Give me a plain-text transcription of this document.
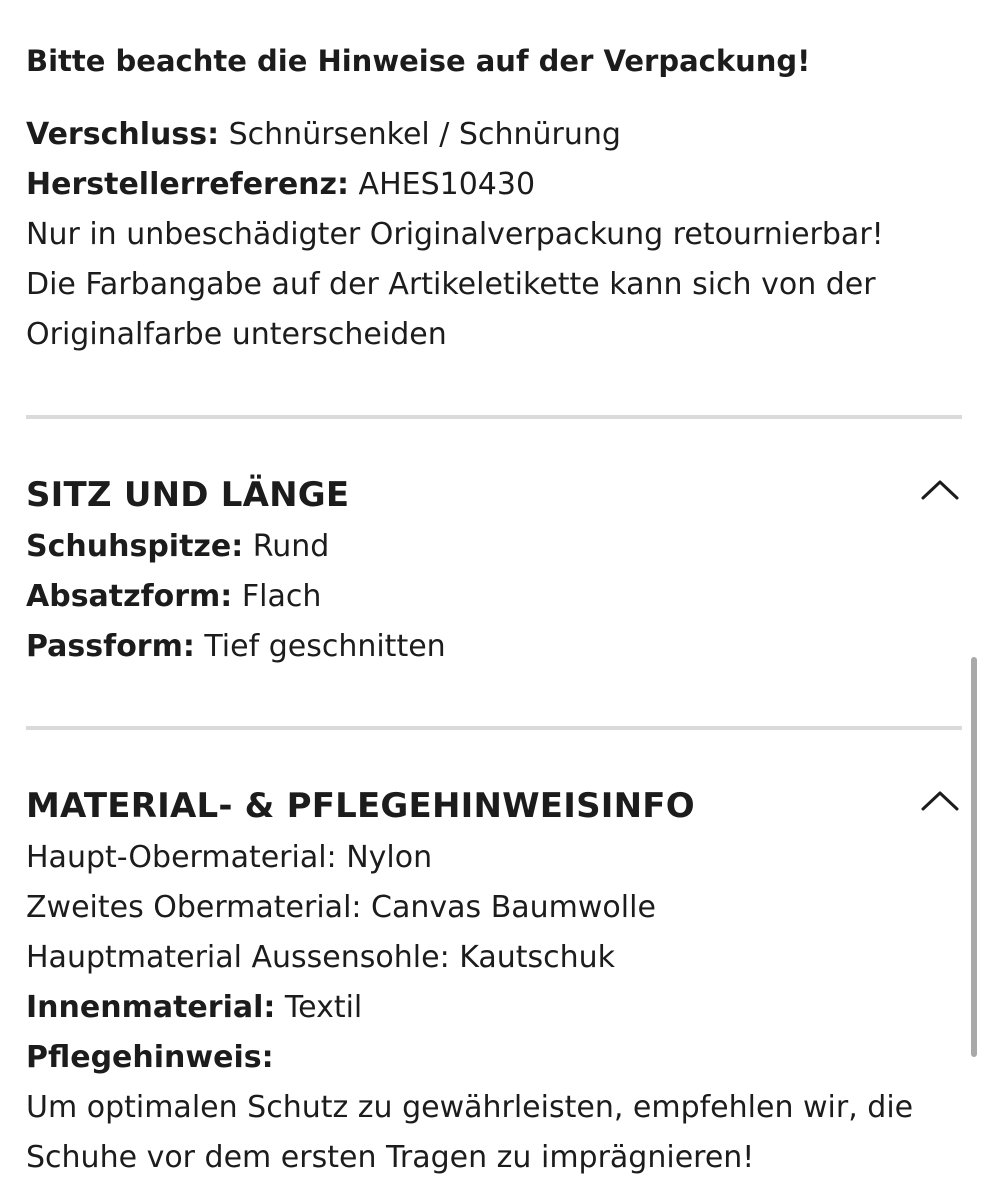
Bitte beachte die Hinweise auf der Verpackung!

Verschluss: Schnürsenkel / Schnürung

Herstellerreferenz: AHES10430

Nur in unbeschädigter Originalverpackung retournierbar!

Die Farbangabe auf der Artikeletikette kann sich von der

Originalfarbe unterscheiden

SITZ UND LÄNGE

Schuhspitze: Rund

Absatzform: Flach

Passform: Tief geschnitten

MATERIAL- & PFLEGEHINWEISINFO

Haupt-Obermaterial: Nylon

Zweites Obermaterial: Canvas Baumwolle

Hauptmaterial Aussensohle: Kautschuk

Innenmaterial: Textil

Pflegehinweis:

Um optimalen Schutz zu gewährleisten, empfehlen wir, die

Schuhe vor dem ersten Tragen zu imprägnieren!
